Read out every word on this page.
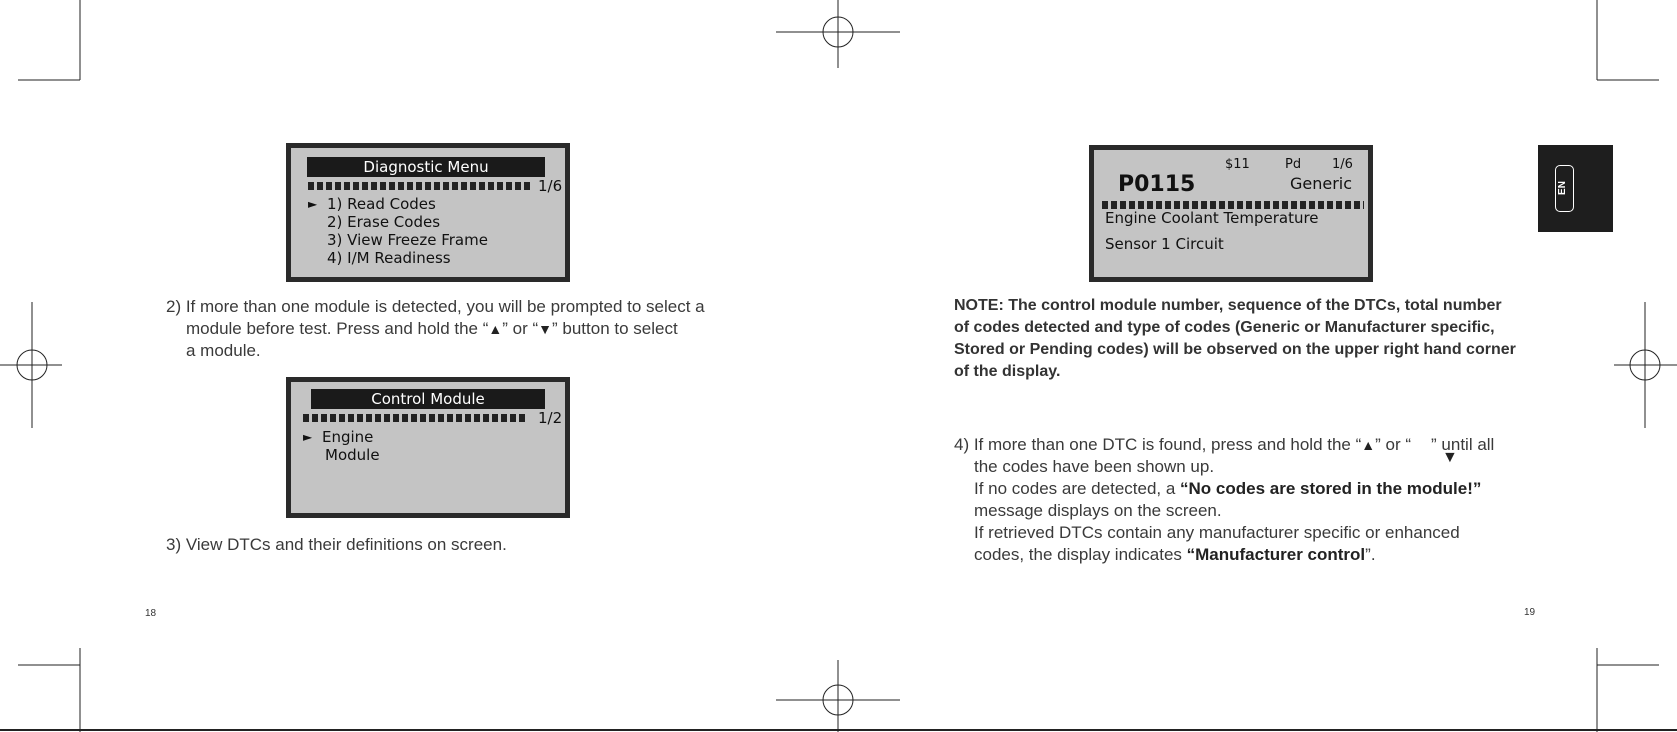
Diagnostic Menu
1/6
► 1) Read Codes
2) Erase Codes
3) View Freeze Frame
4) I/M Readiness
2) If more than one module is detected, you will be prompted to select a
module before test. Press and hold the “▲” or “▼” button to select
a module.
Control Module
1/2
► Engine
Module
3) View DTCs and their definitions on screen.
18
$11	Pd 1/6
P0115	Generic
Engine Coolant Temperature
Sensor 1 Circuit
NOTE: The control module number, sequence of the DTCs, total number
of codes detected and type of codes (Generic or Manufacturer specific,
Stored or Pending codes) will be observed on the upper right hand corner
of the display.
4) If more than one DTC is found, press and hold the “▲” or “ ” until all
the codes have been shown up.
If no codes are detected, a “No codes are stored in the module!”
message displays on the screen.
If retrieved DTCs contain any manufacturer specific or enhanced
codes, the display indicates “Manufacturer control”.
▼
EN
19
